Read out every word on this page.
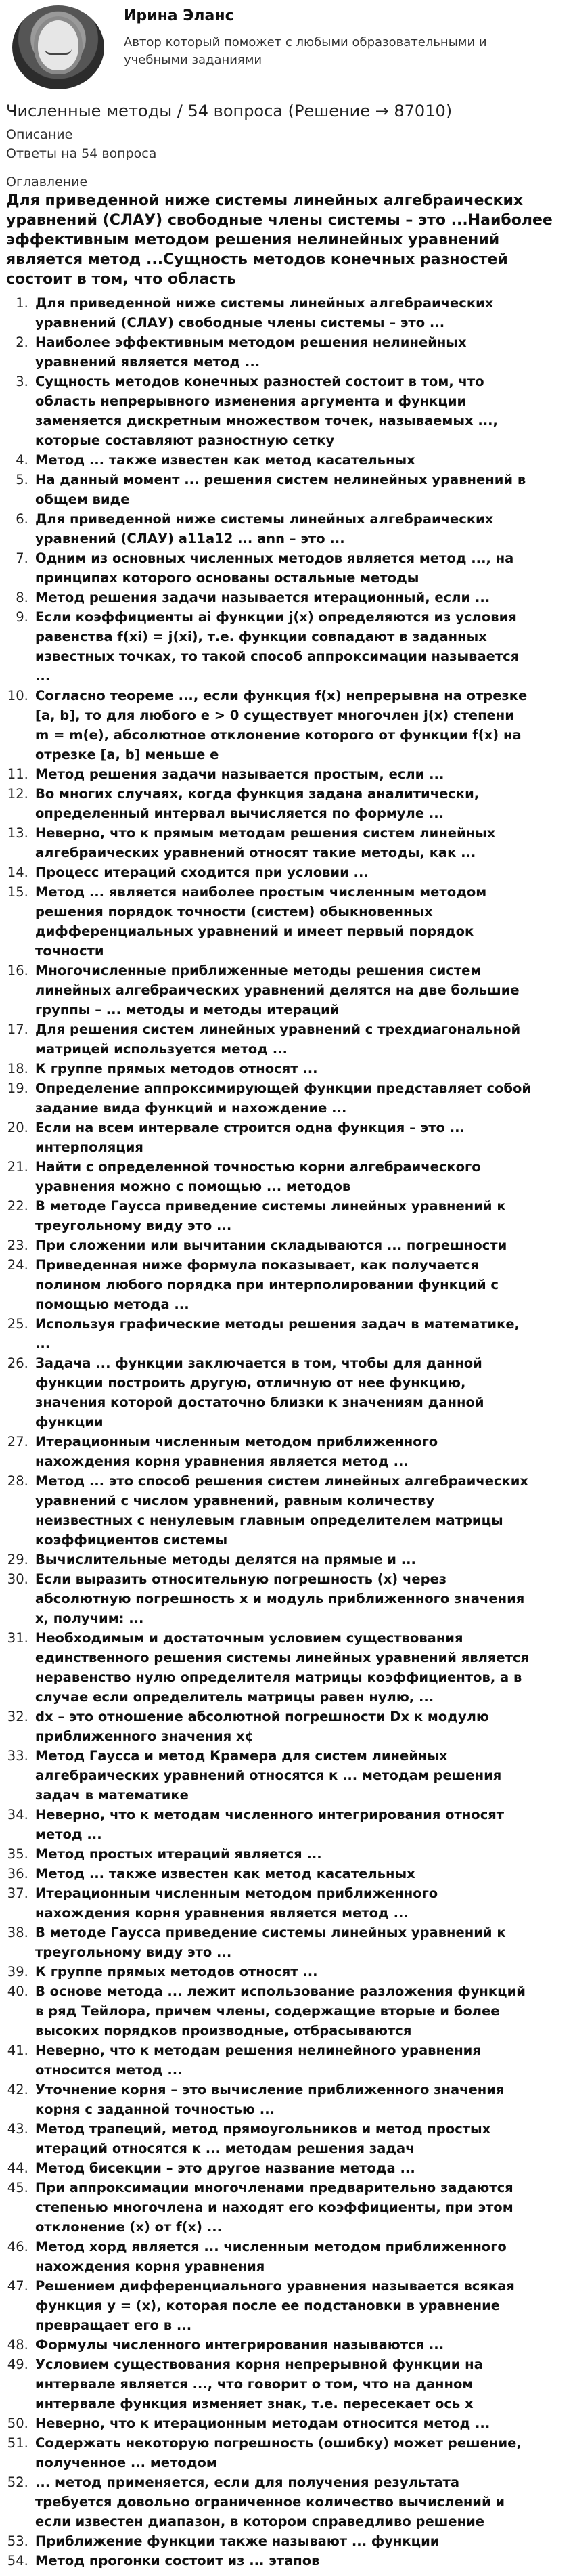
Ирина Эланс
Автор который поможет с любыми образовательными и учебными заданиями
Численные методы / 54 вопроса (Решение → 87010)
Описание
Ответы на 54 вопроса
Оглавление
Для приведенной ниже системы линейных алгебраических уравнений (СЛАУ) свободные члены системы – это ...Наиболее эффективным методом решения нелинейных уравнений является метод ...Сущность методов конечных разностей состоит в том, что область
1. Для приведенной ниже системы линейных алгебраических уравнений (СЛАУ) свободные члены системы – это ...
2. Наиболее эффективным методом решения нелинейных уравнений является метод ...
3. Сущность методов конечных разностей состоит в том, что область непрерывного изменения аргумента и функции заменяется дискретным множеством точек, называемых ..., которые составляют разностную сетку
4. Метод ... также известен как метод касательных
5. На данный момент ... решения систем нелинейных уравнений в общем виде
6. Для приведенной ниже системы линейных алгебраических уравнений (СЛАУ) a11a12 ... ann – это ...
7. Одним из основных численных методов является метод ..., на принципах которого основаны остальные методы
8. Метод решения задачи называется итерационный, если ...
9. Если коэффициенты ai функции j(x) определяются из условия равенства f(xi) = j(xi), т.е. функции совпадают в заданных известных точках, то такой способ аппроксимации называется ...
10. Согласно теореме ..., если функция f(x) непрерывна на отрезке [a, b], то для любого e > 0 существует многочлен j(x) степени m = m(e), абсолютное отклонение которого от функции f(x) на отрезке [a, b] меньше e
11. Метод решения задачи называется простым, если ...
12. Во многих случаях, когда функция задана аналитически, определенный интервал вычисляется по формуле ...
13. Неверно, что к прямым методам решения систем линейных алгебраических уравнений относят такие методы, как ...
14. Процесс итераций сходится при условии ...
15. Метод ... является наиболее простым численным методом решения порядок точности (систем) обыкновенных дифференциальных уравнений и имеет первый порядок точности
16. Многочисленные приближенные методы решения систем линейных алгебраических уравнений делятся на две большие группы – ... методы и методы итераций
17. Для решения систем линейных уравнений с трехдиагональной матрицей используется метод ...
18. К группе прямых методов относят ...
19. Определение аппроксимирующей функции представляет собой задание вида функций и нахождение ...
20. Если на всем интервале строится одна функция – это ... интерполяция
21. Найти с определенной точностью корни алгебраического уравнения можно с помощью ... методов
22. В методе Гаусса приведение системы линейных уравнений к треугольному виду это ...
23. При сложении или вычитании складываются ... погрешности
24. Приведенная ниже формула показывает, как получается полином любого порядка при интерполировании функций с помощью метода ...
25. Используя графические методы решения задач в математике, ...
26. Задача ... функции заключается в том, чтобы для данной функции построить другую, отличную от нее функцию, значения которой достаточно близки к значениям данной функции
27. Итерационным численным методом приближенного нахождения корня уравнения является метод ...
28. Метод ... это способ решения систем линейных алгебраических уравнений с числом уравнений, равным количеству неизвестных с ненулевым главным определителем матрицы коэффициентов системы
29. Вычислительные методы делятся на прямые и ...
30. Если выразить относительную погрешность (x) через абсолютную погрешность x и модуль приближенного значения x, получим: ...
31. Необходимым и достаточным условием существования единственного решения системы линейных уравнений является неравенство нулю определителя матрицы коэффициентов, а в случае если определитель матрицы равен нулю, ...
32. dx – это отношение абсолютной погрешности Dx к модулю приближенного значения x¢
33. Метод Гаусса и метод Крамера для систем линейных алгебраических уравнений относятся к ... методам решения задач в математике
34. Неверно, что к методам численного интегрирования относят метод ...
35. Метод простых итераций является ...
36. Метод ... также известен как метод касательных
37. Итерационным численным методом приближенного нахождения корня уравнения является метод ...
38. В методе Гаусса приведение системы линейных уравнений к треугольному виду это ...
39. К группе прямых методов относят ...
40. В основе метода ... лежит использование разложения функций в ряд Тейлора, причем члены, содержащие вторые и более высоких порядков производные, отбрасываются
41. Неверно, что к методам решения нелинейного уравнения относится метод ...
42. Уточнение корня – это вычисление приближенного значения корня с заданной точностью ...
43. Метод трапеций, метод прямоугольников и метод простых итераций относятся к ... методам решения задач
44. Метод бисекции – это другое название метода ...
45. При аппроксимации многочленами предварительно задаются степенью многочлена и находят его коэффициенты, при этом отклонение (x) от f(x) ...
46. Метод хорд является ... численным методом приближенного нахождения корня уравнения
47. Решением дифференциального уравнения называется всякая функция y = (x), которая после ее подстановки в уравнение превращает его в ...
48. Формулы численного интегрирования называются ...
49. Условием существования корня непрерывной функции на интервале является ..., что говорит о том, что на данном интервале функция изменяет знак, т.е. пересекает ось x
50. Неверно, что к итерационным методам относится метод ...
51. Содержать некоторую погрешность (ошибку) может решение, полученное ... методом
52. ... метод применяется, если для получения результата требуется довольно ограниченное количество вычислений и если известен диапазон, в котором справедливо решение
53. Приближение функции также называют ... функции
54. Метод прогонки состоит из ... этапов
